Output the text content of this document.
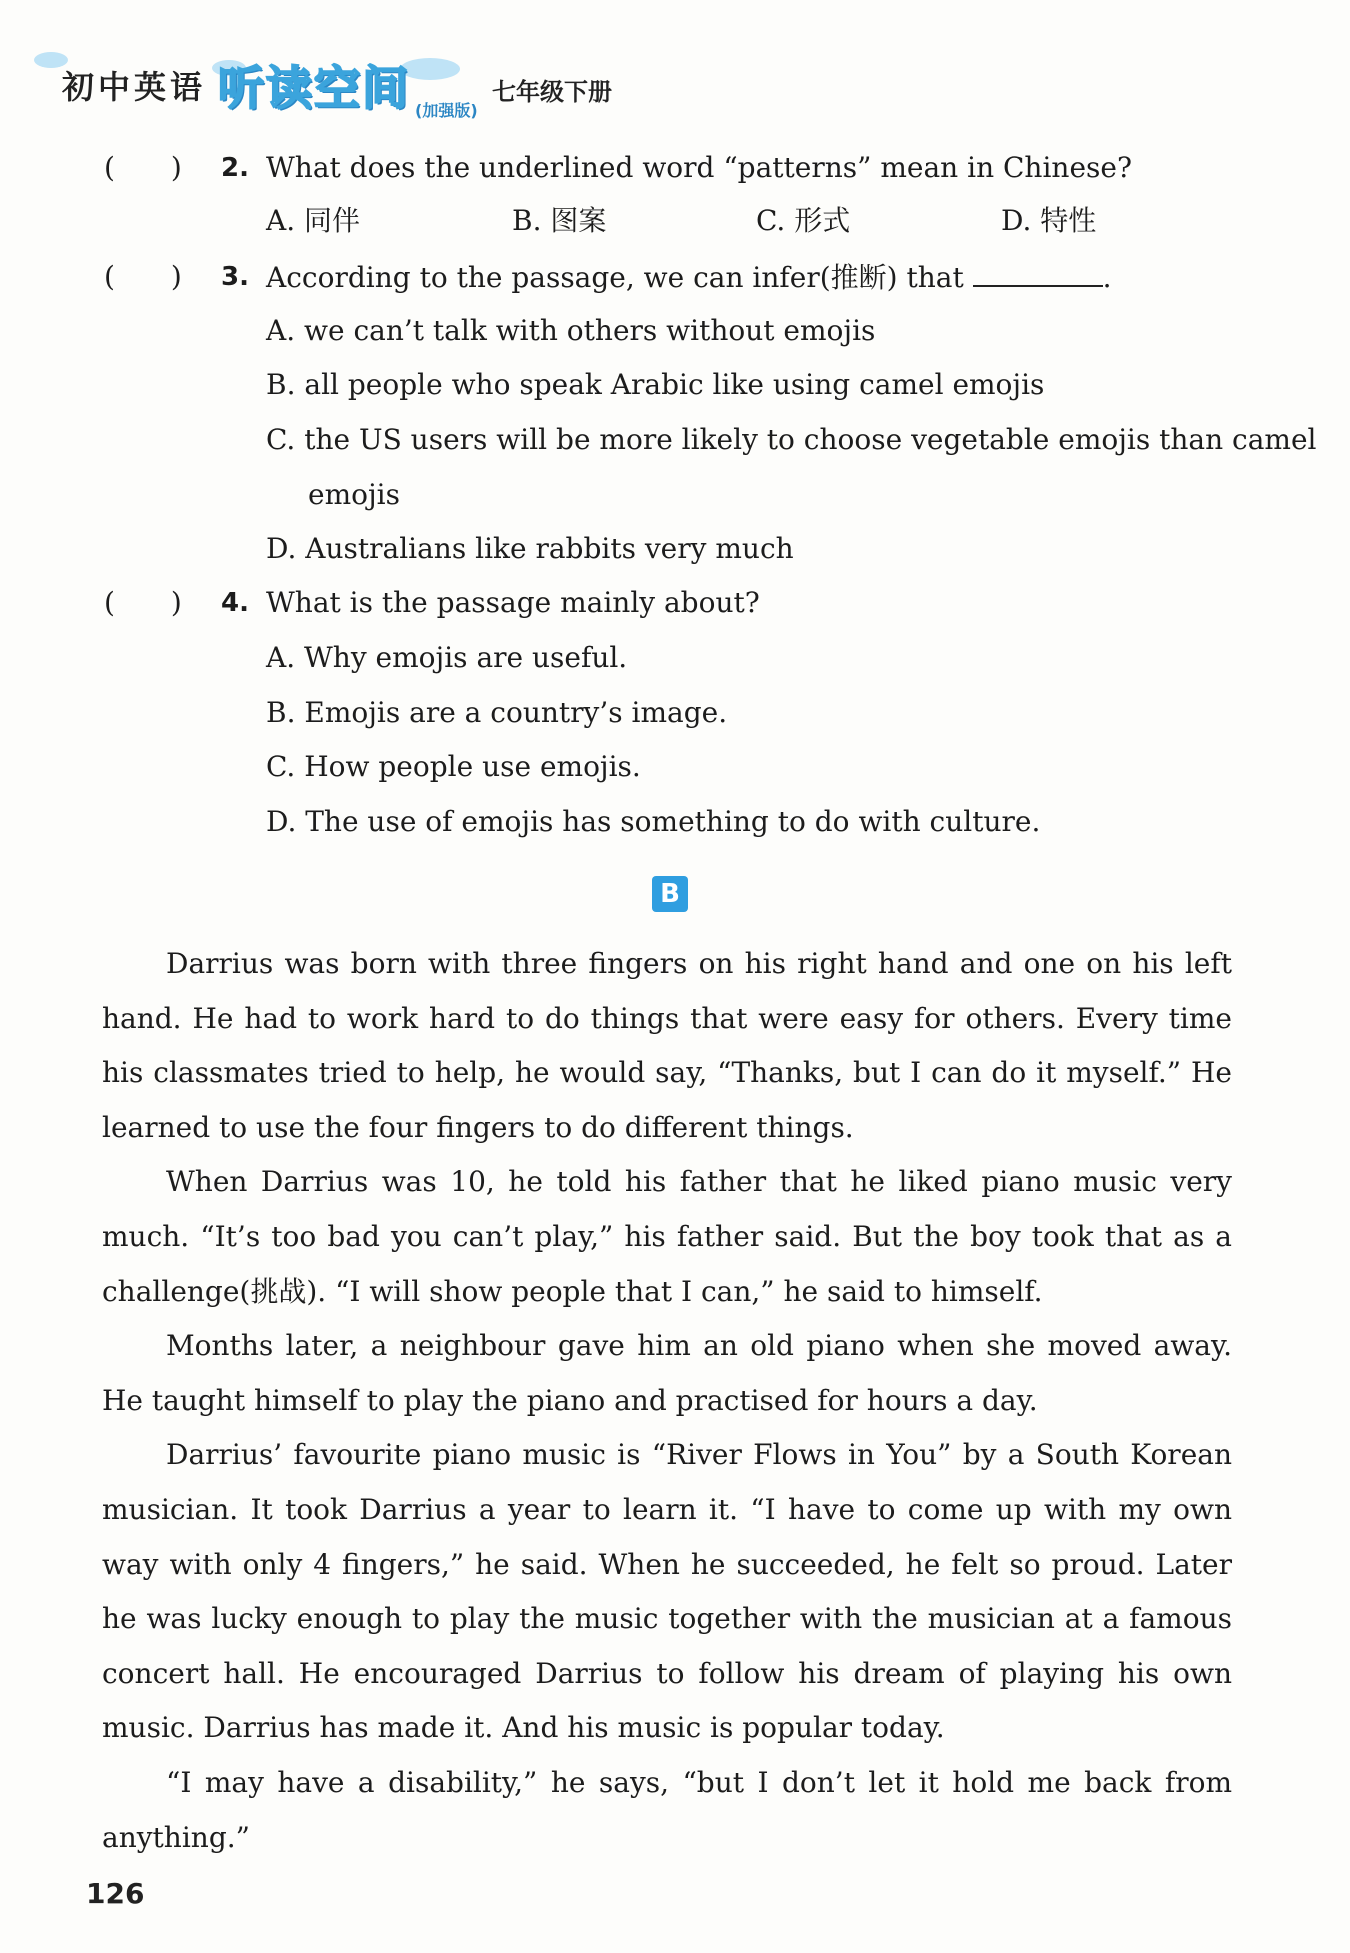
初中英语 听读空间 (加强版)
七年级下册
(　　) 2. What does the underlined word “patterns” mean in Chinese?
A. 同伴	B. 图案	C. 形式	D. 特性
(　　) 3. According to the passage, we can infer(推断) that	.
A. we can’t talk with others without emojis
B. all people who speak Arabic like using camel emojis
C. the US users will be more likely to choose vegetable emojis than camel
emojis
D. Australians like rabbits very much
(　　) 4. What is the passage mainly about?
A. Why emojis are useful.
B. Emojis are a country’s image.
C. How people use emojis.
D. The use of emojis has something to do with culture.
B

Darrius was born with three fingers on his right hand and one on his left hand. He had to work hard to do things that were easy for others. Every time his classmates tried to help, he would say, “Thanks, but I can do it myself.” He learned to use the four fingers to do different things.

When Darrius was 10, he told his father that he liked piano music very much. “It’s too bad you can’t play,” his father said. But the boy took that as a challenge(挑战). “I will show people that I can,” he said to himself.

Months later, a neighbour gave him an old piano when she moved away. He taught himself to play the piano and practised for hours a day.

Darrius’ favourite piano music is “River Flows in You” by a South Korean musician. It took Darrius a year to learn it. “I have to come up with my own way with only 4 fingers,” he said. When he succeeded, he felt so proud. Later he was lucky enough to play the music together with the musician at a famous concert hall. He encouraged Darrius to follow his dream of playing his own music. Darrius has made it. And his music is popular today.

“I may have a disability,” he says, “but I don’t let it hold me back from anything.”

126
